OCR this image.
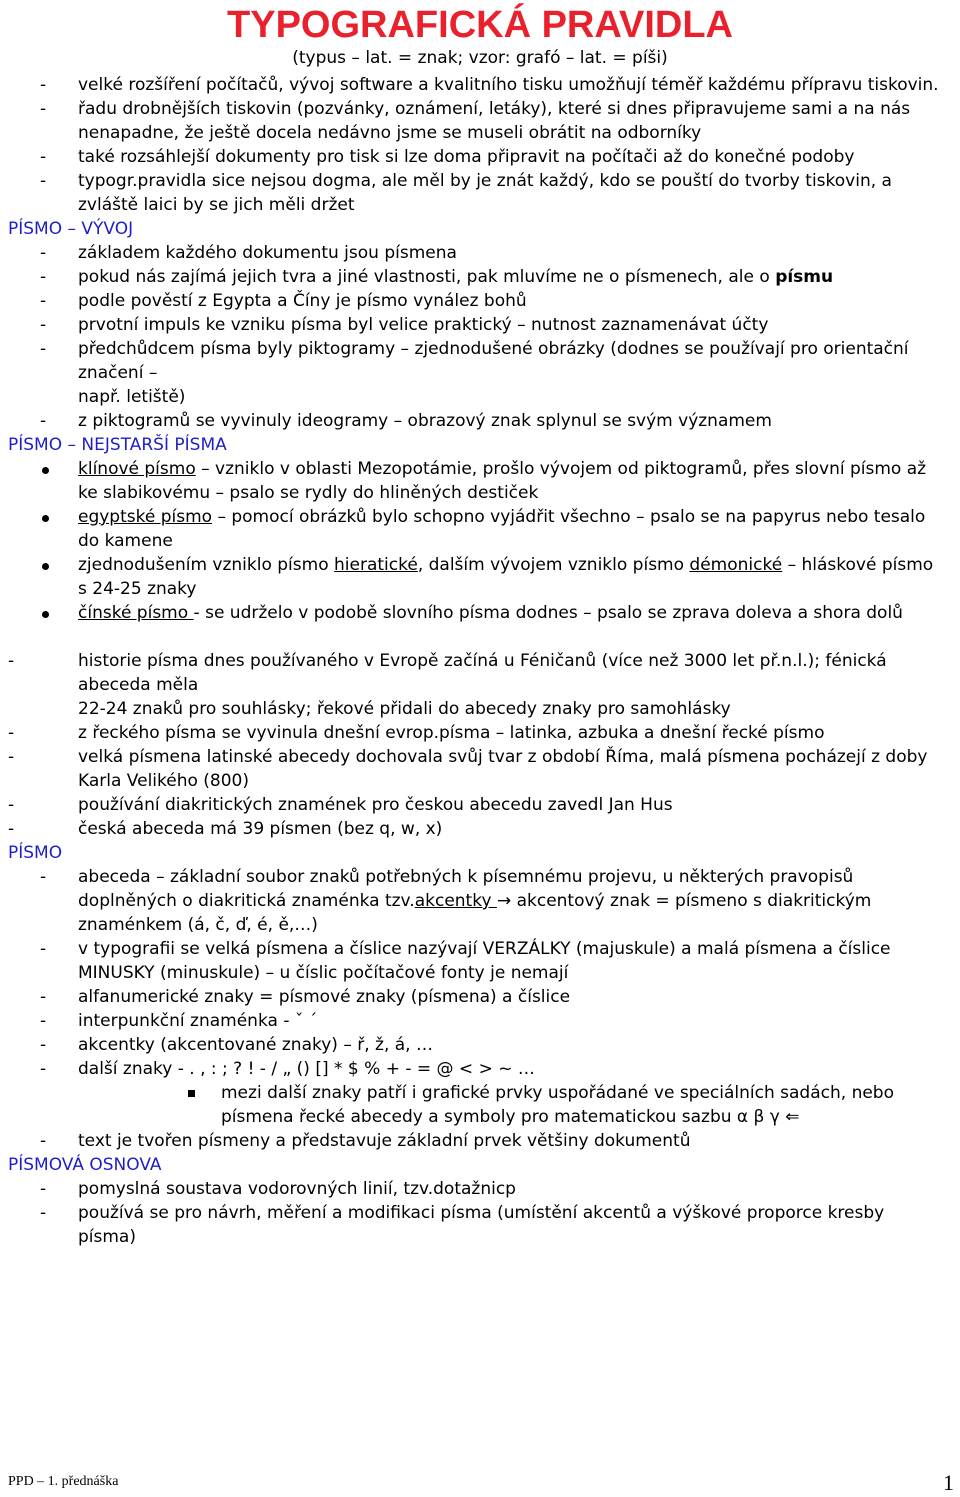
TYPOGRAFICKÁ PRAVIDLA
(typus – lat. = znak; vzor: grafó – lat. = píši)
- velké rozšíření počítačů, vývoj software a kvalitního tisku umožňují téměř každému přípravu tiskovin.
- řadu drobnějších tiskovin (pozvánky, oznámení, letáky), které si dnes připravujeme sami a na nás
nenapadne, že ještě docela nedávno jsme se museli obrátit na odborníky
- také rozsáhlejší dokumenty pro tisk si lze doma připravit na počítači až do konečné podoby
- typogr.pravidla sice nejsou dogma, ale měl by je znát každý, kdo se pouští do tvorby tiskovin, a
zvláště laici by se jich měli držet
PÍSMO – VÝVOJ
- základem každého dokumentu jsou písmena
- pokud nás zajímá jejich tvra a jiné vlastnosti, pak mluvíme ne o písmenech, ale o písmu
- podle pověstí z Egypta a Číny je písmo vynález bohů
- prvotní impuls ke vzniku písma byl velice praktický – nutnost zaznamenávat účty
- předchůdcem písma byly piktogramy – zjednodušené obrázky (dodnes se používají pro orientační
značení –
např. letiště)
- z piktogramů se vyvinuly ideogramy – obrazový znak splynul se svým významem
PÍSMO – NEJSTARŠÍ PÍSMA
klínové písmo – vzniklo v oblasti Mezopotámie, prošlo vývojem od piktogramů, přes slovní písmo až
ke slabikovému – psalo se rydly do hliněných destiček
egyptské písmo – pomocí obrázků bylo schopno vyjádřit všechno – psalo se na papyrus nebo tesalo
do kamene
zjednodušením vzniklo písmo hieratické, dalším vývojem vzniklo písmo démonické – hláskové písmo
s 24-25 znaky
čínské písmo - se udrželo v podobě slovního písma dodnes – psalo se zprava doleva a shora dolů
-	historie písma dnes používaného v Evropě začíná u Féničanů (více než 3000 let př.n.l.); fénická
abeceda měla
22-24 znaků pro souhlásky; řekové přidali do abecedy znaky pro samohlásky
-	z řeckého písma se vyvinula dnešní evrop.písma – latinka, azbuka a dnešní řecké písmo
-	velká písmena latinské abecedy dochovala svůj tvar z období Říma, malá písmena pocházejí z doby
Karla Velikého (800)
-	používání diakritických znamének pro českou abecedu zavedl Jan Hus
-	česká abeceda má 39 písmen (bez q, w, x)
PÍSMO
- abeceda – základní soubor znaků potřebných k písemnému projevu, u některých pravopisů
doplněných o diakritická znaménka tzv.akcentky → akcentový znak = písmeno s diakritickým
znaménkem (á, č, ď, é, ě,…)
- v typografii se velká písmena a číslice nazývají VERZÁLKY (majuskule) a malá písmena a číslice
MINUSKY (minuskule) – u číslic počítačové fonty je nemají
- alfanumerické znaky = písmové znaky (písmena) a číslice
- interpunkční znaménka - ˇ ´
- akcentky (akcentované znaky) – ř, ž, á, …
- další znaky - . , : ; ? ! - / „ () [] * $ % + - = @ < > ~ …
mezi další znaky patří i grafické prvky uspořádané ve speciálních sadách, nebo
písmena řecké abecedy a symboly pro matematickou sazbu α β γ ⇐
- text je tvořen písmeny a představuje základní prvek většiny dokumentů
PÍSMOVÁ OSNOVA
- pomyslná soustava vodorovných linií, tzv.dotažnicp
- používá se pro návrh, měření a modifikaci písma (umístění akcentů a výškové proporce kresby
písma)
PPD – 1. přednáška	1
